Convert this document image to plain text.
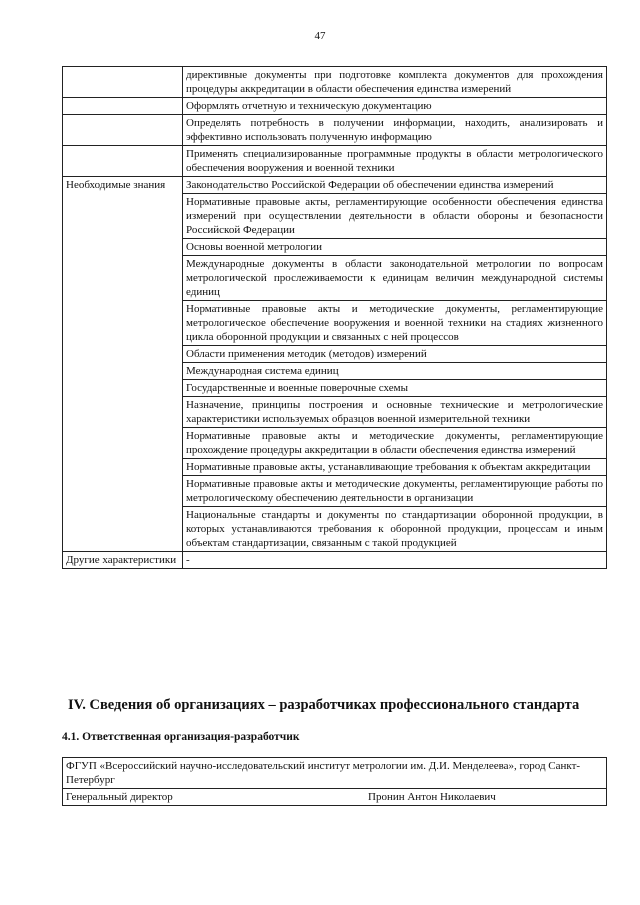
47
	директивные документы при подготовке комплекта документов для прохождения процедуры аккредитации в области обеспечения единства измерений
	Оформлять отчетную и техническую документацию
	Определять потребность в получении информации, находить, анализировать и эффективно использовать полученную информацию
	Применять специализированные программные продукты в области метрологического обеспечения вооружения и военной техники
Необходимые знания	Законодательство Российской Федерации об обеспечении единства измерений
	Нормативные правовые акты, регламентирующие особенности обеспечения единства измерений при осуществлении деятельности в области обороны и безопасности Российской Федерации
	Основы военной метрологии
	Международные документы в области законодательной метрологии по вопросам метрологической прослеживаемости к единицам величин международной системы единиц
	Нормативные правовые акты и методические документы, регламентирующие метрологическое обеспечение вооружения и военной техники на стадиях жизненного цикла оборонной продукции и связанных с ней процессов
	Области применения методик (методов) измерений
	Международная система единиц
	Государственные и военные поверочные схемы
	Назначение, принципы построения и основные технические и метрологические характеристики используемых образцов военной измерительной техники
	Нормативные правовые акты и методические документы, регламентирующие прохождение процедуры аккредитации в области обеспечения единства измерений
	Нормативные правовые акты, устанавливающие требования к объектам аккредитации
	Нормативные правовые акты и методические документы, регламентирующие работы по метрологическому обеспечению деятельности в организации
	Национальные стандарты и документы по стандартизации оборонной продукции, в которых устанавливаются требования к оборонной продукции, процессам и иным объектам стандартизации, связанным с такой продукцией
Другие характеристики	-
IV. Сведения об организациях – разработчиках профессионального стандарта
4.1. Ответственная организация-разработчик
ФГУП «Всероссийский научно-исследовательский институт метрологии им. Д.И. Менделеева», город Санкт-Петербург
Генеральный директор	Пронин Антон Николаевич
